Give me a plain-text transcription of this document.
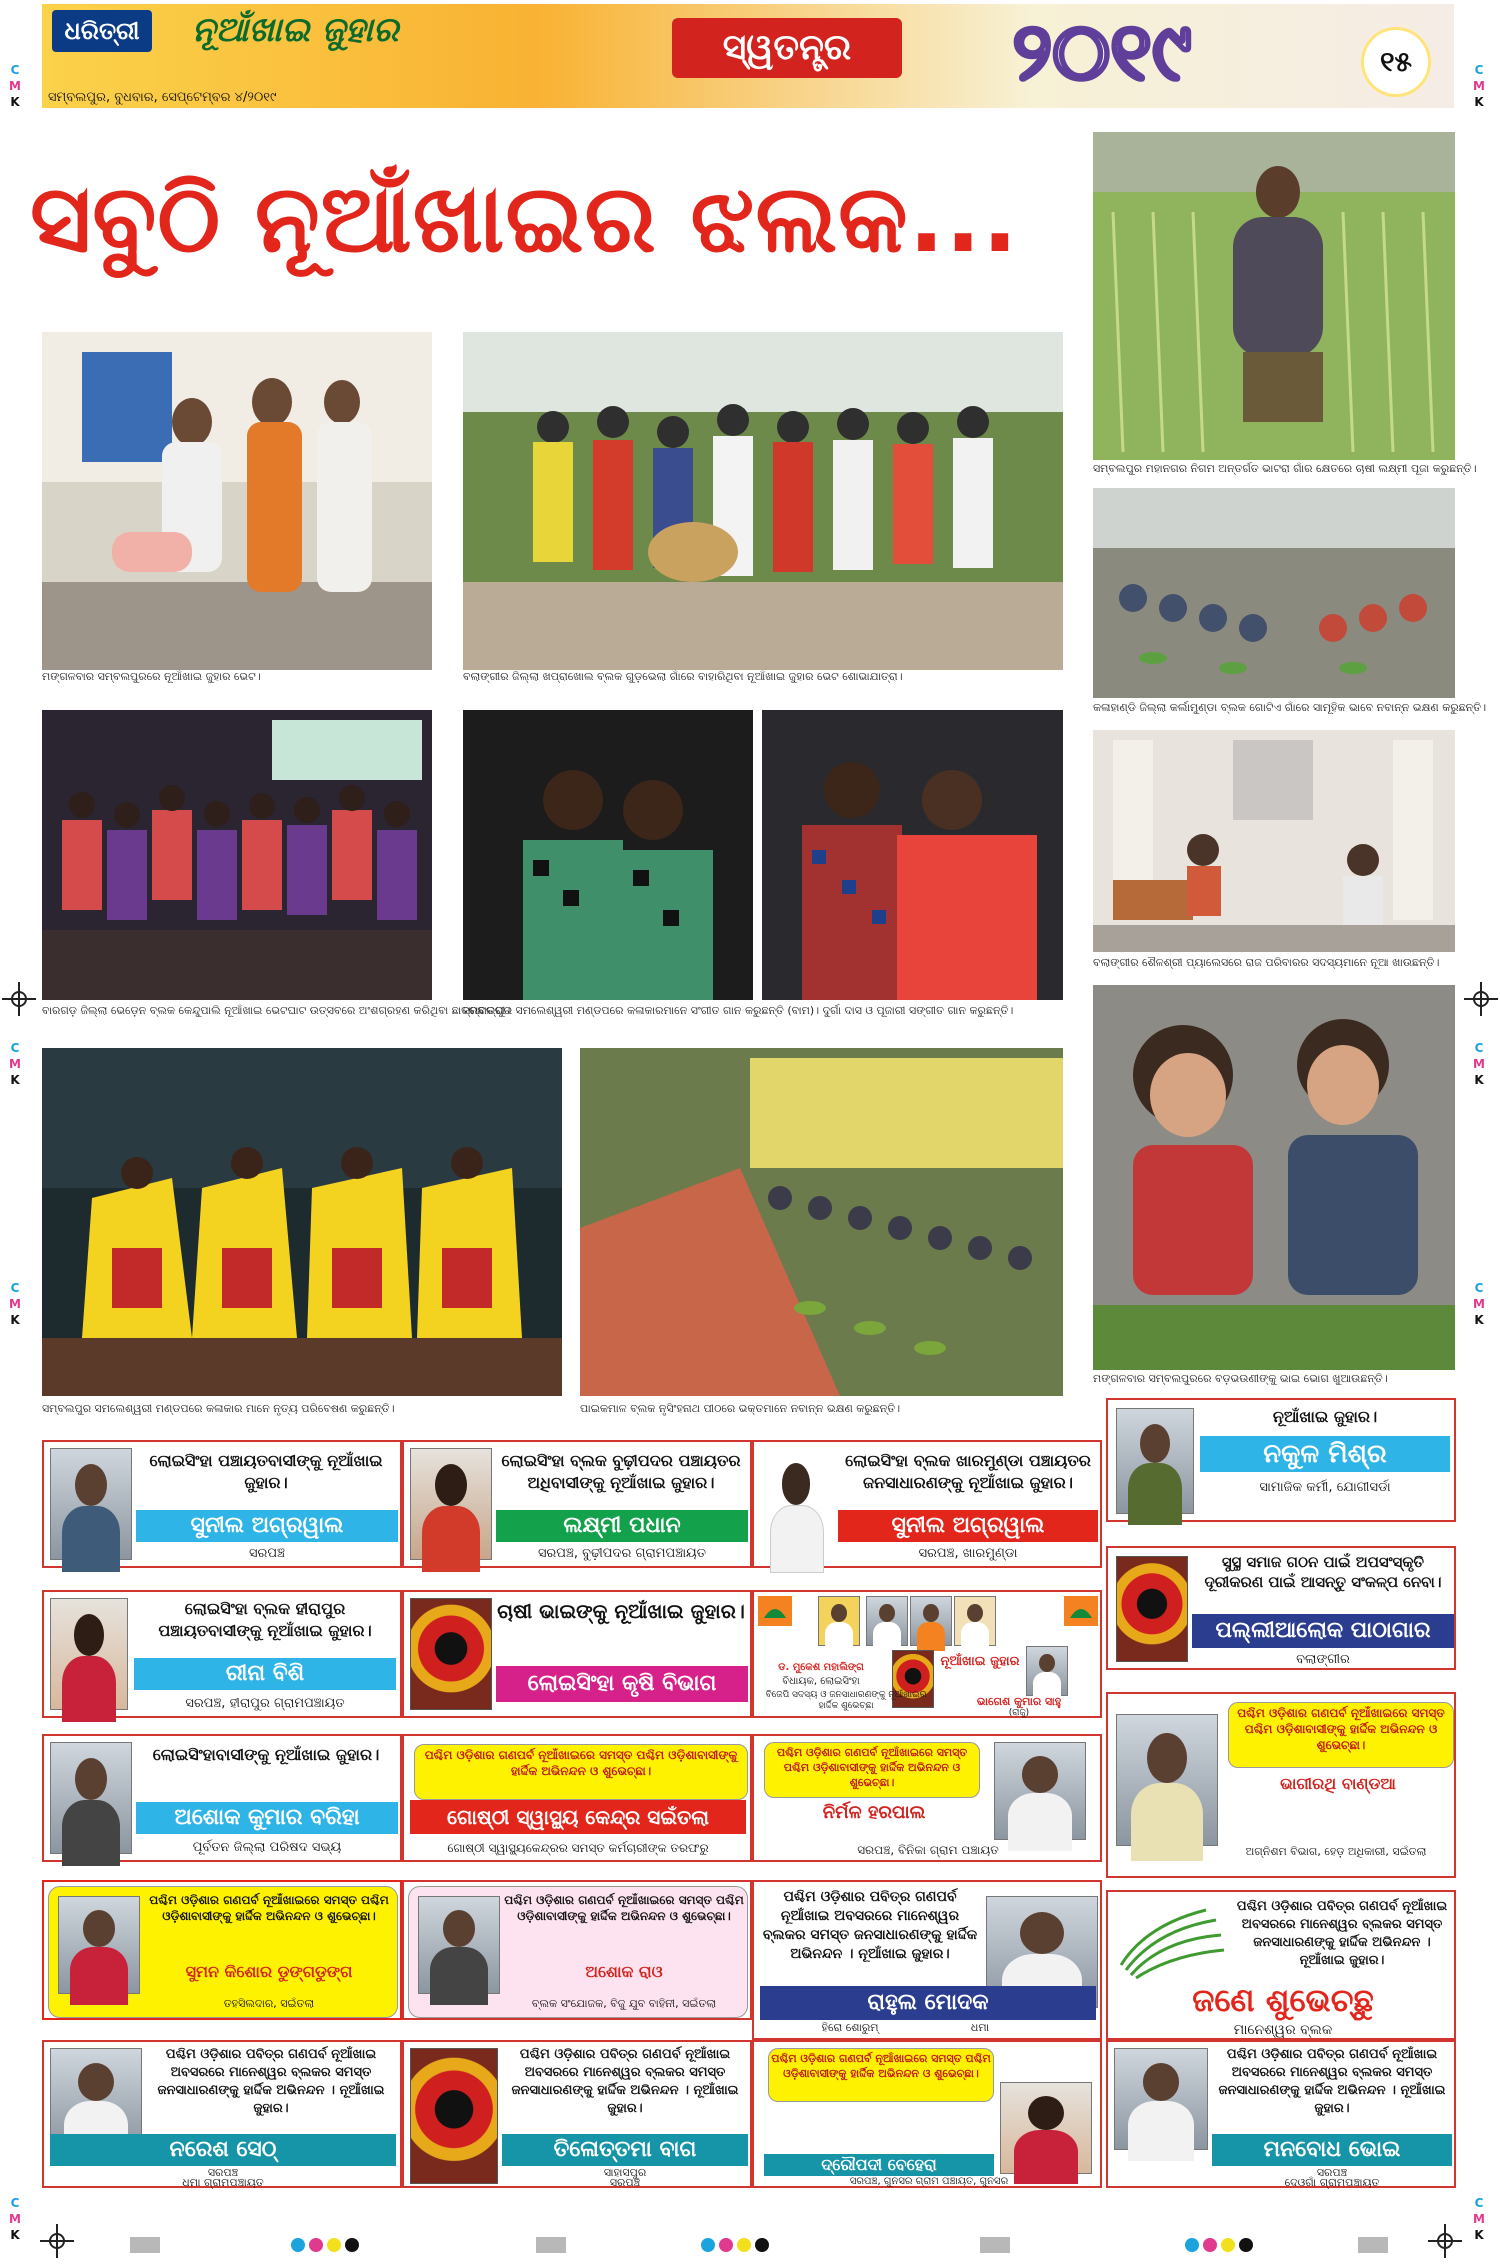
ଧରିତ୍ରୀ	ନୂଆଁଖାଇ ଜୁହାର	ସ୍ୱତନ୍ତ୍ର	୨୦୧୯	୧୫
ସମ୍ବଲପୁର, ବୁଧବାର, ସେପ୍ଟେମ୍ବର ୪/୨୦୧୯
C
M
K
C
M
K
C
M
K
C
M
K
C
M
K
C
M
K
C
M
K
C
M
K
ସବୁଠି ନୂଆଁଖାଇର ଝଲକ...
ମଙ୍ଗଳବାର ସମ୍ବଲପୁରରେ ନୂଆଁଖାଇ ଜୁହାର ଭେଟ।	ବଲାଙ୍ଗୀର ଜିଲ୍ଲା ଖପ୍ରାଖୋଲ ବ୍ଲକ ଗୁଡ଼ଭେଲା ଗାଁରେ ବାହାରିଥିବା ନୂଆଁଖାଇ ଜୁହାର ଭେଟ ଶୋଭାଯାତ୍ରା।
ସମ୍ବଲପୁର ମହାନଗର ନିଗମ ଅନ୍ତର୍ଗତ ଭାଟରା ଗାଁର କ୍ଷେତରେ ଚାଷୀ ଲକ୍ଷ୍ମୀ ପୂଜା କରୁଛନ୍ତି।
କଳାହାଣ୍ଡି ଜିଲ୍ଲା କର୍ଲାମୁଣ୍ଡା ବ୍ଲକ ଗୋଟିଏ ଗାଁରେ ସାମୂହିକ ଭାବେ ନବାନ୍ନ ଭକ୍ଷଣ କରୁଛନ୍ତି।
ବାରଗଡ଼ ଜିଲ୍ଲା ଭେଡ଼େନ ବ୍ଲକ କେନ୍ଦୁପାଲି ନୂଆଁଖାଇ ଭେଟଘାଟ ଉତ୍ସବରେ ଅଂଶଗ୍ରହଣ କରିଥିବା ଛାତ୍ରଛାତ୍ରୀ।
ସମ୍ବଲପୁର ସମଲେଶ୍ୱରୀ ମଣ୍ଡପରେ କଳାକାରମାନେ ସଂଗୀତ ଗାନ କରୁଛନ୍ତି (ବାମ)। ଦୁର୍ଗା ଦାସ ଓ ପୂଜାରୀ ସଙ୍ଗୀତ ଗାନ କରୁଛନ୍ତି।
ବଲାଙ୍ଗୀର ଶୈଳଶ୍ରୀ ପ୍ୟାଲେସରେ ରାଜ ପରିବାରର ସଦସ୍ୟମାନେ ନୂଆ ଖାଉଛନ୍ତି।
ସମ୍ବଲପୁର ସମଲେଶ୍ୱରୀ ମଣ୍ଡପରେ କଳାକାର ମାନେ ନୃତ୍ୟ ପରିବେଷଣ କରୁଛନ୍ତି।	ପାଇକମାଳ ବ୍ଲକ ନୃସିଂହନାଥ ପୀଠରେ ଭକ୍ତମାନେ ନବାନ୍ନ ଭକ୍ଷଣ କରୁଛନ୍ତି।
ମଙ୍ଗଳବାର ସମ୍ବଲପୁରରେ ବଡ଼ଭଉଣୀଙ୍କୁ ଭାଇ ଭୋଗ ଖୁଆଉଛନ୍ତି।
ଲୋଇସିଂହା ପଞ୍ଚାୟତବାସୀଙ୍କୁ ନୂଆଁଖାଇ ଜୁହାର।
ସୁନୀଲ ଅଗ୍ରୱାଲ
ସରପଞ୍ଚ
ଲୋଇସିଂହା ବ୍ଲକ ବୁଢ଼ୀପଦର ପଞ୍ଚାୟତର ଅଧିବାସୀଙ୍କୁ ନୂଆଁଖାଇ ଜୁହାର।
ଲକ୍ଷ୍ମୀ ପଧାନ
ସରପଞ୍ଚ, ବୁଢ଼ୀପଦର ଗ୍ରାମପଞ୍ଚାୟତ
ଲୋଇସିଂହା ବ୍ଲକ ଖାରମୁଣ୍ଡା ପଞ୍ଚାୟତର ଜନସାଧାରଣଙ୍କୁ ନୂଆଁଖାଇ ଜୁହାର।
ସୁନୀଲ ଅଗ୍ରୱାଲ
ସରପଞ୍ଚ, ଖାରମୁଣ୍ଡା
ନୂଆଁଖାଇ ଜୁହାର।
ନକୁଳ ମିଶ୍ର
ସାମାଜିକ କର୍ମୀ, ଯୋଗୀସର୍ଡା
ଲୋଇସିଂହା ବ୍ଲକ ହୀରାପୁର ପଞ୍ଚାୟତବାସୀଙ୍କୁ ନୂଆଁଖାଇ ଜୁହାର।
ରୀନା ବିଶି
ସରପଞ୍ଚ, ହୀରାପୁର ଗ୍ରାମପଞ୍ଚାୟତ
ଚାଷୀ ଭାଇଙ୍କୁ ନୂଆଁଖାଇ ଜୁହାର।
ଲୋଇସିଂହା କୃଷି ବିଭାଗ
ନୂଆଁଖାଇ ଜୁହାର
ଡ. ମୁକେଶ ମହାଲିଙ୍ଗ
ବିଧାୟକ, ଲୋଇସିଂହା
ବିଜେପି ସଦସ୍ୟ ଓ ଜନସାଧାରଣଙ୍କୁ ନୂଆଁଖାଇର ହାର୍ଦ୍ଦିକ ଶୁଭେଚ୍ଛା	ଭାଗେଶ କୁମାର ସାହୁ
(ରାଜୁ)
ସୁସ୍ଥ ସମାଜ ଗଠନ ପାଇଁ ଅପସଂସ୍କୃତି ଦୂରୀକରଣ ପାଇଁ ଆସନ୍ତୁ ସଂକଳ୍ପ ନେବା।
ପଲ୍ଲୀଆଲୋକ ପାଠାଗାର
ବଲାଙ୍ଗୀର
ଲୋଇସିଂହାବାସୀଙ୍କୁ ନୂଆଁଖାଇ ଜୁହାର।
ଅଶୋକ କୁମାର ବରିହା
ପୂର୍ବତନ ଜିଲ୍ଲା ପରିଷଦ ସଭ୍ୟ
ପଶ୍ଚିମ ଓଡ଼ିଶାର ଗଣପର୍ବ ନୂଆଁଖାଇରେ ସମସ୍ତ ପଶ୍ଚିମ ଓଡ଼ିଶାବାସୀଙ୍କୁ ହାର୍ଦ୍ଦିକ ଅଭିନନ୍ଦନ ଓ ଶୁଭେଚ୍ଛା।
ଗୋଷ୍ଠୀ ସ୍ୱାସ୍ଥ୍ୟ କେନ୍ଦ୍ର ସଇଁତଲା
ଗୋଷ୍ଠୀ ସ୍ୱାସ୍ଥ୍ୟକେନ୍ଦ୍ରର ସମସ୍ତ କର୍ମଚାରୀଙ୍କ ତରଫରୁ
ପଶ୍ଚିମ ଓଡ଼ିଶାର ଗଣପର୍ବ ନୂଆଁଖାଇରେ ସମସ୍ତ ପଶ୍ଚିମ ଓଡ଼ିଶାବାସୀଙ୍କୁ ହାର୍ଦ୍ଦିକ ଅଭିନନ୍ଦନ ଓ ଶୁଭେଚ୍ଛା।
ନିର୍ମଳ ହରପାଲ
ସରପଞ୍ଚ, ବିନିକା ଗ୍ରାମ ପଞ୍ଚାୟତ
ପଶ୍ଚିମ ଓଡ଼ିଶାର ଗଣପର୍ବ ନୂଆଁଖାଇରେ ସମସ୍ତ ପଶ୍ଚିମ ଓଡ଼ିଶାବାସୀଙ୍କୁ ହାର୍ଦ୍ଦିକ ଅଭିନନ୍ଦନ ଓ ଶୁଭେଚ୍ଛା।
ଭାଗୀରଥି ବାଣ୍ଡଆ
ଅଗ୍ନିଶମ ବିଭାଗ, ହେଡ଼ ଅଧିକାରୀ, ସଇଁତଲା
ପଶ୍ଚିମ ଓଡ଼ିଶାର ଗଣପର୍ବ ନୂଆଁଖାଇରେ ସମସ୍ତ ପଶ୍ଚିମ ଓଡ଼ିଶାବାସୀଙ୍କୁ ହାର୍ଦ୍ଦିକ ଅଭିନନ୍ଦନ ଓ ଶୁଭେଚ୍ଛା।
ସୁମନ କିଶୋର ଡୁଙ୍ଗଡୁଙ୍ଗ
ତହସିଲଦାର, ସଇଁତଲା
ପଶ୍ଚିମ ଓଡ଼ିଶାର ଗଣପର୍ବ ନୂଆଁଖାଇରେ ସମସ୍ତ ପଶ୍ଚିମ ଓଡ଼ିଶାବାସୀଙ୍କୁ ହାର୍ଦ୍ଦିକ ଅଭିନନ୍ଦନ ଓ ଶୁଭେଚ୍ଛା।
ଅଶୋକ ରାଓ
ବ୍ଲକ ସଂଯୋଜକ, ବିଜୁ ଯୁବ ବାହିନୀ, ସଇଁତଲା
ପଶ୍ଚିମ ଓଡ଼ିଶାର ପବିତ୍ର ଗଣପର୍ବ ନୂଆଁଖାଇ ଅବସରରେ ମାନେଶ୍ୱର ବ୍ଲକର ସମସ୍ତ ଜନସାଧାରଣଙ୍କୁ ହାର୍ଦ୍ଦିକ ଅଭିନନ୍ଦନ । ନୂଆଁଖାଇ ଜୁହାର।
ରାହୁଲ ମୋଦକ
ହିରୋ ଶୋରୁମ୍	ଧମା
ପଶ୍ଚିମ ଓଡ଼ିଶାର ପବିତ୍ର ଗଣପର୍ବ ନୂଆଁଖାଇ ଅବସରରେ ମାନେଶ୍ୱର ବ୍ଲକର ସମସ୍ତ ଜନସାଧାରଣଙ୍କୁ ହାର୍ଦ୍ଦିକ ଅଭିନନ୍ଦନ । ନୂଆଁଖାଇ ଜୁହାର।
ଜଣେ ଶୁଭେଚ୍ଛୁ
ମାନେଶ୍ୱର ବ୍ଲକ
ପଶ୍ଚିମ ଓଡ଼ିଶାର ପବିତ୍ର ଗଣପର୍ବ ନୂଆଁଖାଇ ଅବସରରେ ମାନେଶ୍ୱର ବ୍ଲକର ସମସ୍ତ ଜନସାଧାରଣଙ୍କୁ ହାର୍ଦ୍ଦିକ ଅଭିନନ୍ଦନ । ନୂଆଁଖାଇ ଜୁହାର।
ନରେଶ ସେଠ୍
ସରପଞ୍ଚ
ଧମା ଗ୍ରାମପଞ୍ଚାୟତ
ପଶ୍ଚିମ ଓଡ଼ିଶାର ପବିତ୍ର ଗଣପର୍ବ ନୂଆଁଖାଇ ଅବସରରେ ମାନେଶ୍ୱର ବ୍ଲକର ସମସ୍ତ ଜନସାଧାରଣଙ୍କୁ ହାର୍ଦ୍ଦିକ ଅଭିନନ୍ଦନ । ନୂଆଁଖାଇ ଜୁହାର।
ତିଳୋତ୍ତମା ବାଗ
ସାହାସପୁର
ସରପଞ୍ଚ
ପଶ୍ଚିମ ଓଡ଼ିଶାର ଗଣପର୍ବ ନୂଆଁଖାଇରେ ସମସ୍ତ ପଶ୍ଚିମ ଓଡ଼ିଶାବାସୀଙ୍କୁ ହାର୍ଦ୍ଦିକ ଅଭିନନ୍ଦନ ଓ ଶୁଭେଚ୍ଛା।
ଦ୍ରୌପଦୀ ବେହେରା
ସରପଞ୍ଚ, ଗୁନସର ଗ୍ରାମ ପଞ୍ଚାୟତ, ଗୁନସର
ପଶ୍ଚିମ ଓଡ଼ିଶାର ପବିତ୍ର ଗଣପର୍ବ ନୂଆଁଖାଇ ଅବସରରେ ମାନେଶ୍ୱର ବ୍ଲକର ସମସ୍ତ ଜନସାଧାରଣଙ୍କୁ ହାର୍ଦ୍ଦିକ ଅଭିନନ୍ଦନ । ନୂଆଁଖାଇ ଜୁହାର।
ମନବୋଧ ଭୋଇ
ସରପଞ୍ଚ
ଦେଓଗାଁ ଗ୍ରାମପଞ୍ଚାୟତ
